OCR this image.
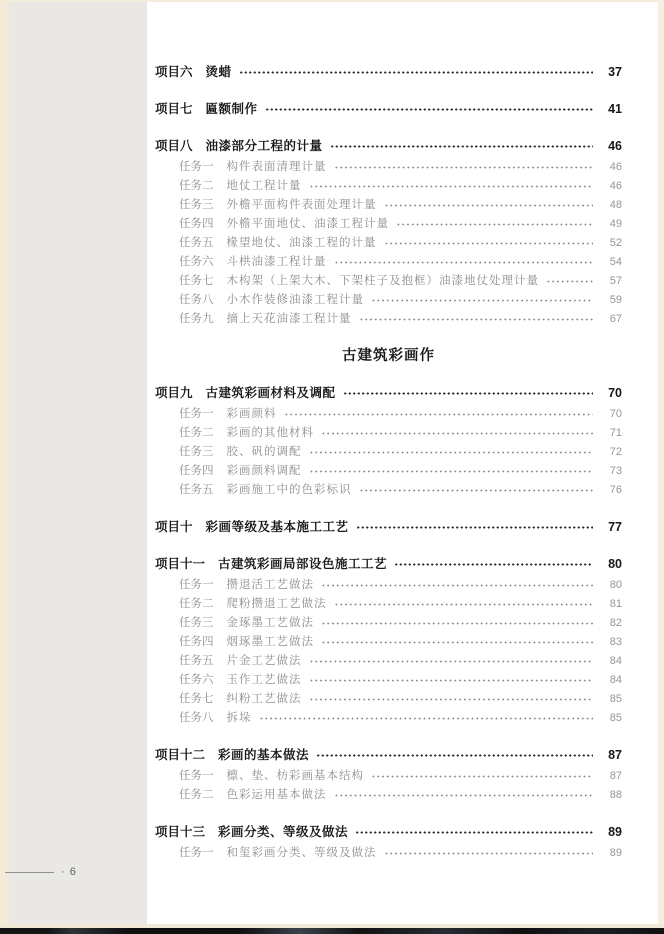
项目六 烫蜡	37
项目七 匾额制作	41
项目八 油漆部分工程的计量	46
任务一 构件表面清理计量	46
任务二 地仗工程计量	46
任务三 外檐平面构件表面处理计量	48
任务四 外檐平面地仗、油漆工程计量	49
任务五 椽望地仗、油漆工程的计量	52
任务六 斗栱油漆工程计量	54
任务七 木构架（上架大木、下架柱子及抱框）油漆地仗处理计量	57
任务八 小木作装修油漆工程计量	59
任务九 摘上天花油漆工程计量	67
古建筑彩画作
项目九 古建筑彩画材料及调配	70
任务一 彩画颜料	70
任务二 彩画的其他材料	71
任务三 胶、矾的调配	72
任务四 彩画颜料调配	73
任务五 彩画施工中的色彩标识	76
项目十 彩画等级及基本施工工艺	77
项目十一 古建筑彩画局部设色施工工艺	80
任务一 攒退活工艺做法	80
任务二 爬粉攒退工艺做法	81
任务三 金琢墨工艺做法	82
任务四 烟琢墨工艺做法	83
任务五 片金工艺做法	84
任务六 玉作工艺做法	84
任务七 纠粉工艺做法	85
任务八 拆垛	85
项目十二 彩画的基本做法	87
任务一 檩、垫、枋彩画基本结构	87
任务二 色彩运用基本做法	88
项目十三 彩画分类、等级及做法	89
任务一 和玺彩画分类、等级及做法	89
· 6
